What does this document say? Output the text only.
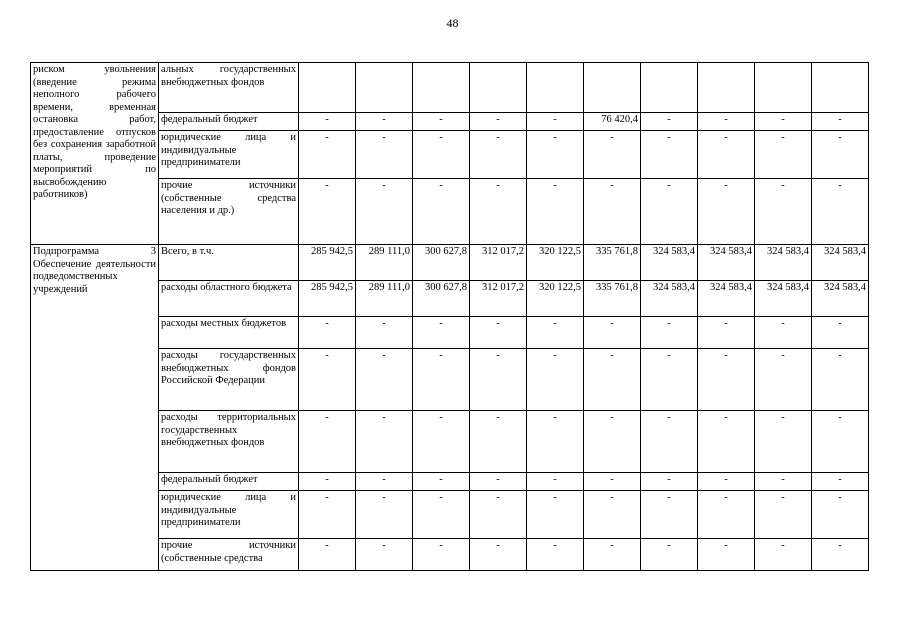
48
риском увольнения (введение режима неполного рабочего времени, временная остановка работ, предоставление отпусков без сохранения заработной платы, проведение мероприятий по высвобождению работников)	альных государственных внебюджетных фондов										
	федеральный бюджет	-	-	-	-	-	76 420,4	-	-	-	-
	юридические лица и индивидуальные предприниматели	-	-	-	-	-	-	-	-	-	-
	прочие источники (собственные средства населения и др.)	-	-	-	-	-	-	-	-	-	-
Подпрограмма 3 Обеспечение деятельности подведомственных учреждений	Всего, в т.ч.	285 942,5	289 111,0	300 627,8	312 017,2	320 122,5	335 761,8	324 583,4	324 583,4	324 583,4	324 583,4
	расходы областного бюджета	285 942,5	289 111,0	300 627,8	312 017,2	320 122,5	335 761,8	324 583,4	324 583,4	324 583,4	324 583,4
	расходы местных бюджетов	-	-	-	-	-	-	-	-	-	-
	расходы государственных внебюджетных фондов Российской Федерации	-	-	-	-	-	-	-	-	-	-
	расходы территориальных государственных внебюджетных фондов	-	-	-	-	-	-	-	-	-	-
	федеральный бюджет	-	-	-	-	-	-	-	-	-	-
	юридические лица и индивидуальные предприниматели	-	-	-	-	-	-	-	-	-	-
	прочие источники (собственные средства	-	-	-	-	-	-	-	-	-	-
